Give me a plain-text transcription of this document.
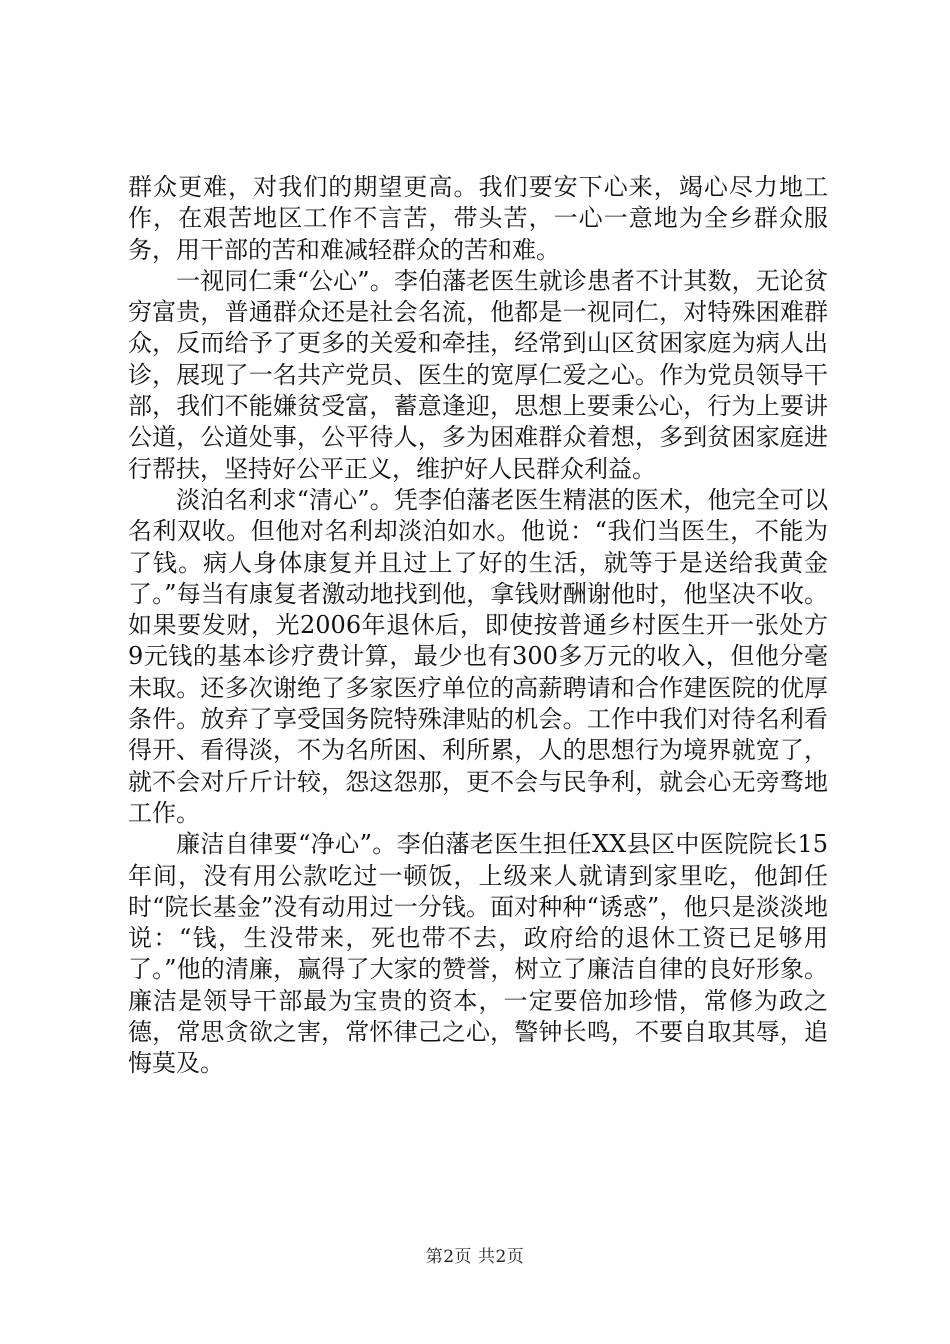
群众更难，对我们的期望更高。我们要安下心来，竭心尽力地工作，在艰苦地区工作不言苦，带头苦，一心一意地为全乡群众服务，用干部的苦和难减轻群众的苦和难。

一视同仁秉“公心”。李伯藩老医生就诊患者不计其数，无论贫穷富贵，普通群众还是社会名流，他都是一视同仁，对特殊困难群众，反而给予了更多的关爱和牵挂，经常到山区贫困家庭为病人出诊，展现了一名共产党员、医生的宽厚仁爱之心。作为党员领导干部，我们不能嫌贫受富，蓄意逢迎，思想上要秉公心，行为上要讲公道，公道处事，公平待人，多为困难群众着想，多到贫困家庭进行帮扶，坚持好公平正义，维护好人民群众利益。

淡泊名利求“清心”。凭李伯藩老医生精湛的医术，他完全可以名利双收。但他对名利却淡泊如水。他说：“我们当医生，不能为了钱。病人身体康复并且过上了好的生活，就等于是送给我黄金了。”每当有康复者激动地找到他，拿钱财酬谢他时，他坚决不收。如果要发财，光2006年退休后，即使按普通乡村医生开一张处方9元钱的基本诊疗费计算，最少也有300多万元的收入，但他分毫未取。还多次谢绝了多家医疗单位的高薪聘请和合作建医院的优厚条件。放弃了享受国务院特殊津贴的机会。工作中我们对待名利看得开、看得淡，不为名所困、利所累，人的思想行为境界就宽了，就不会对斤斤计较，怨这怨那，更不会与民争利，就会心无旁骛地工作。

廉洁自律要“净心”。李伯藩老医生担任XX县区中医院院长15年间，没有用公款吃过一顿饭，上级来人就请到家里吃，他卸任时“院长基金”没有动用过一分钱。面对种种“诱惑”，他只是淡淡地说：“钱，生没带来，死也带不去，政府给的退休工资已足够用了。”他的清廉，赢得了大家的赞誉，树立了廉洁自律的良好形象。廉洁是领导干部最为宝贵的资本，一定要倍加珍惜，常修为政之德，常思贪欲之害，常怀律己之心，警钟长鸣，不要自取其辱，追悔莫及。

第2页 共2页
